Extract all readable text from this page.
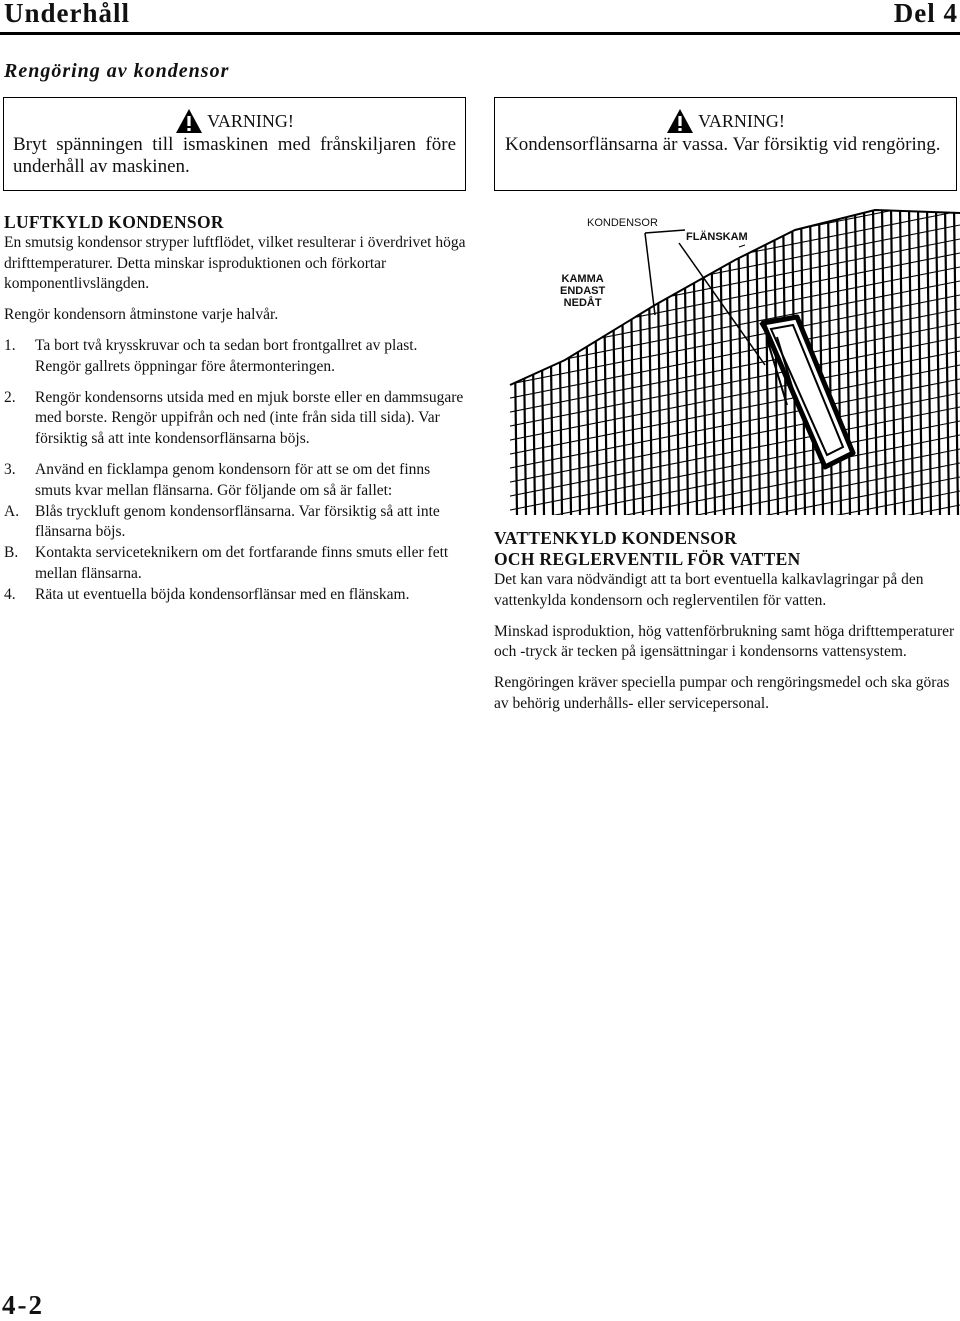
Underhåll	Del 4
Rengöring av kondensor
VARNING!
Bryt spänningen till ismaskinen med frånskiljaren före underhåll av maskinen.
VARNING!
Kondensorflänsarna är vassa. Var försiktig vid rengöring.
LUFTKYLD KONDENSOR

En smutsig kondensor stryper luftflödet, vilket resulterar i överdrivet höga drifttemperaturer. Detta minskar isproduktionen och förkortar komponentlivslängden.

Rengör kondensorn åtminstone varje halvår.

1.	Ta bort två krysskruvar och ta sedan bort frontgallret av plast. Rengör gallrets öppningar före återmonteringen.
2.	Rengör kondensorns utsida med en mjuk borste eller en dammsugare med borste. Rengör uppifrån och ned (inte från sida till sida). Var försiktig så att inte kondensorflänsarna böjs.
3.	Använd en ficklampa genom kondensorn för att se om det finns smuts kvar mellan flänsarna. Gör följande om så är fallet:
A.	Blås tryckluft genom kondensorflänsarna. Var försiktig så att inte flänsarna böjs.
B.	Kontakta serviceteknikern om det fortfarande finns smuts eller fett mellan flänsarna.
4.	Räta ut eventuella böjda kondensorflänsar med en flänskam.
KONDENSOR
FLÄNSKAM
KAMMA
ENDAST
NEDÅT
VATTENKYLD KONDENSOR
OCH REGLERVENTIL FÖR VATTEN

Det kan vara nödvändigt att ta bort eventuella kalkavlagringar på den vattenkylda kondensorn och reglerventilen för vatten.

Minskad isproduktion, hög vattenförbrukning samt höga drifttemperaturer och -tryck är tecken på igensättningar i kondensorns vattensystem.

Rengöringen kräver speciella pumpar och rengöringsmedel och ska göras av behörig underhålls- eller servicepersonal.

4-2
